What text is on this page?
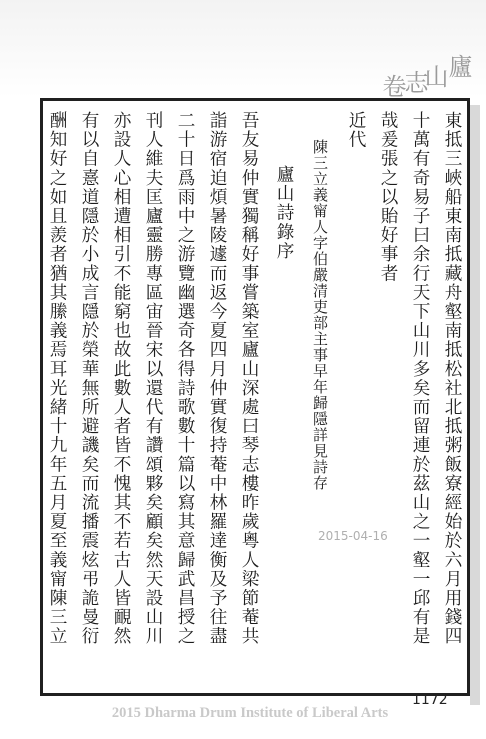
廬
山
志
卷
東抵三峽船東南抵藏舟壑南抵松社北抵粥飯寮經始於六月用錢四
十萬有奇易子曰余行天下山川多矣而留連於茲山之一壑一邱有是
哉爰張之以貽好事者
近代
陳三立義甯人字伯嚴清吏部主事早年歸隱詳見詩存
廬山詩錄序
吾友易仲實獨稱好事嘗築室廬山深處曰琴志樓昨歲粵人梁節菴共
詣游宿迫煩暑陵遽而返今夏四月仲實復持菴中林羅達衡及予往盡
二十日爲雨中之游覽幽選奇各得詩歌數十篇以寫其意歸武昌授之
刊人維夫匡廬靈勝專區宙晉宋以還代有讚頌夥矣顧矣然天設山川
亦設人心相遭相引不能窮也故此數人者皆不愧其不若古人皆靦然
有以自憙道隱於小成言隱於榮華無所避譏矣而流播震炫弔詭曼衍
酬知好之如且羨者猶其縢義焉耳光緒十九年五月夏至義甯陳三立	2015-04-16
1172
2015 Dharma Drum Institute of Liberal Arts
